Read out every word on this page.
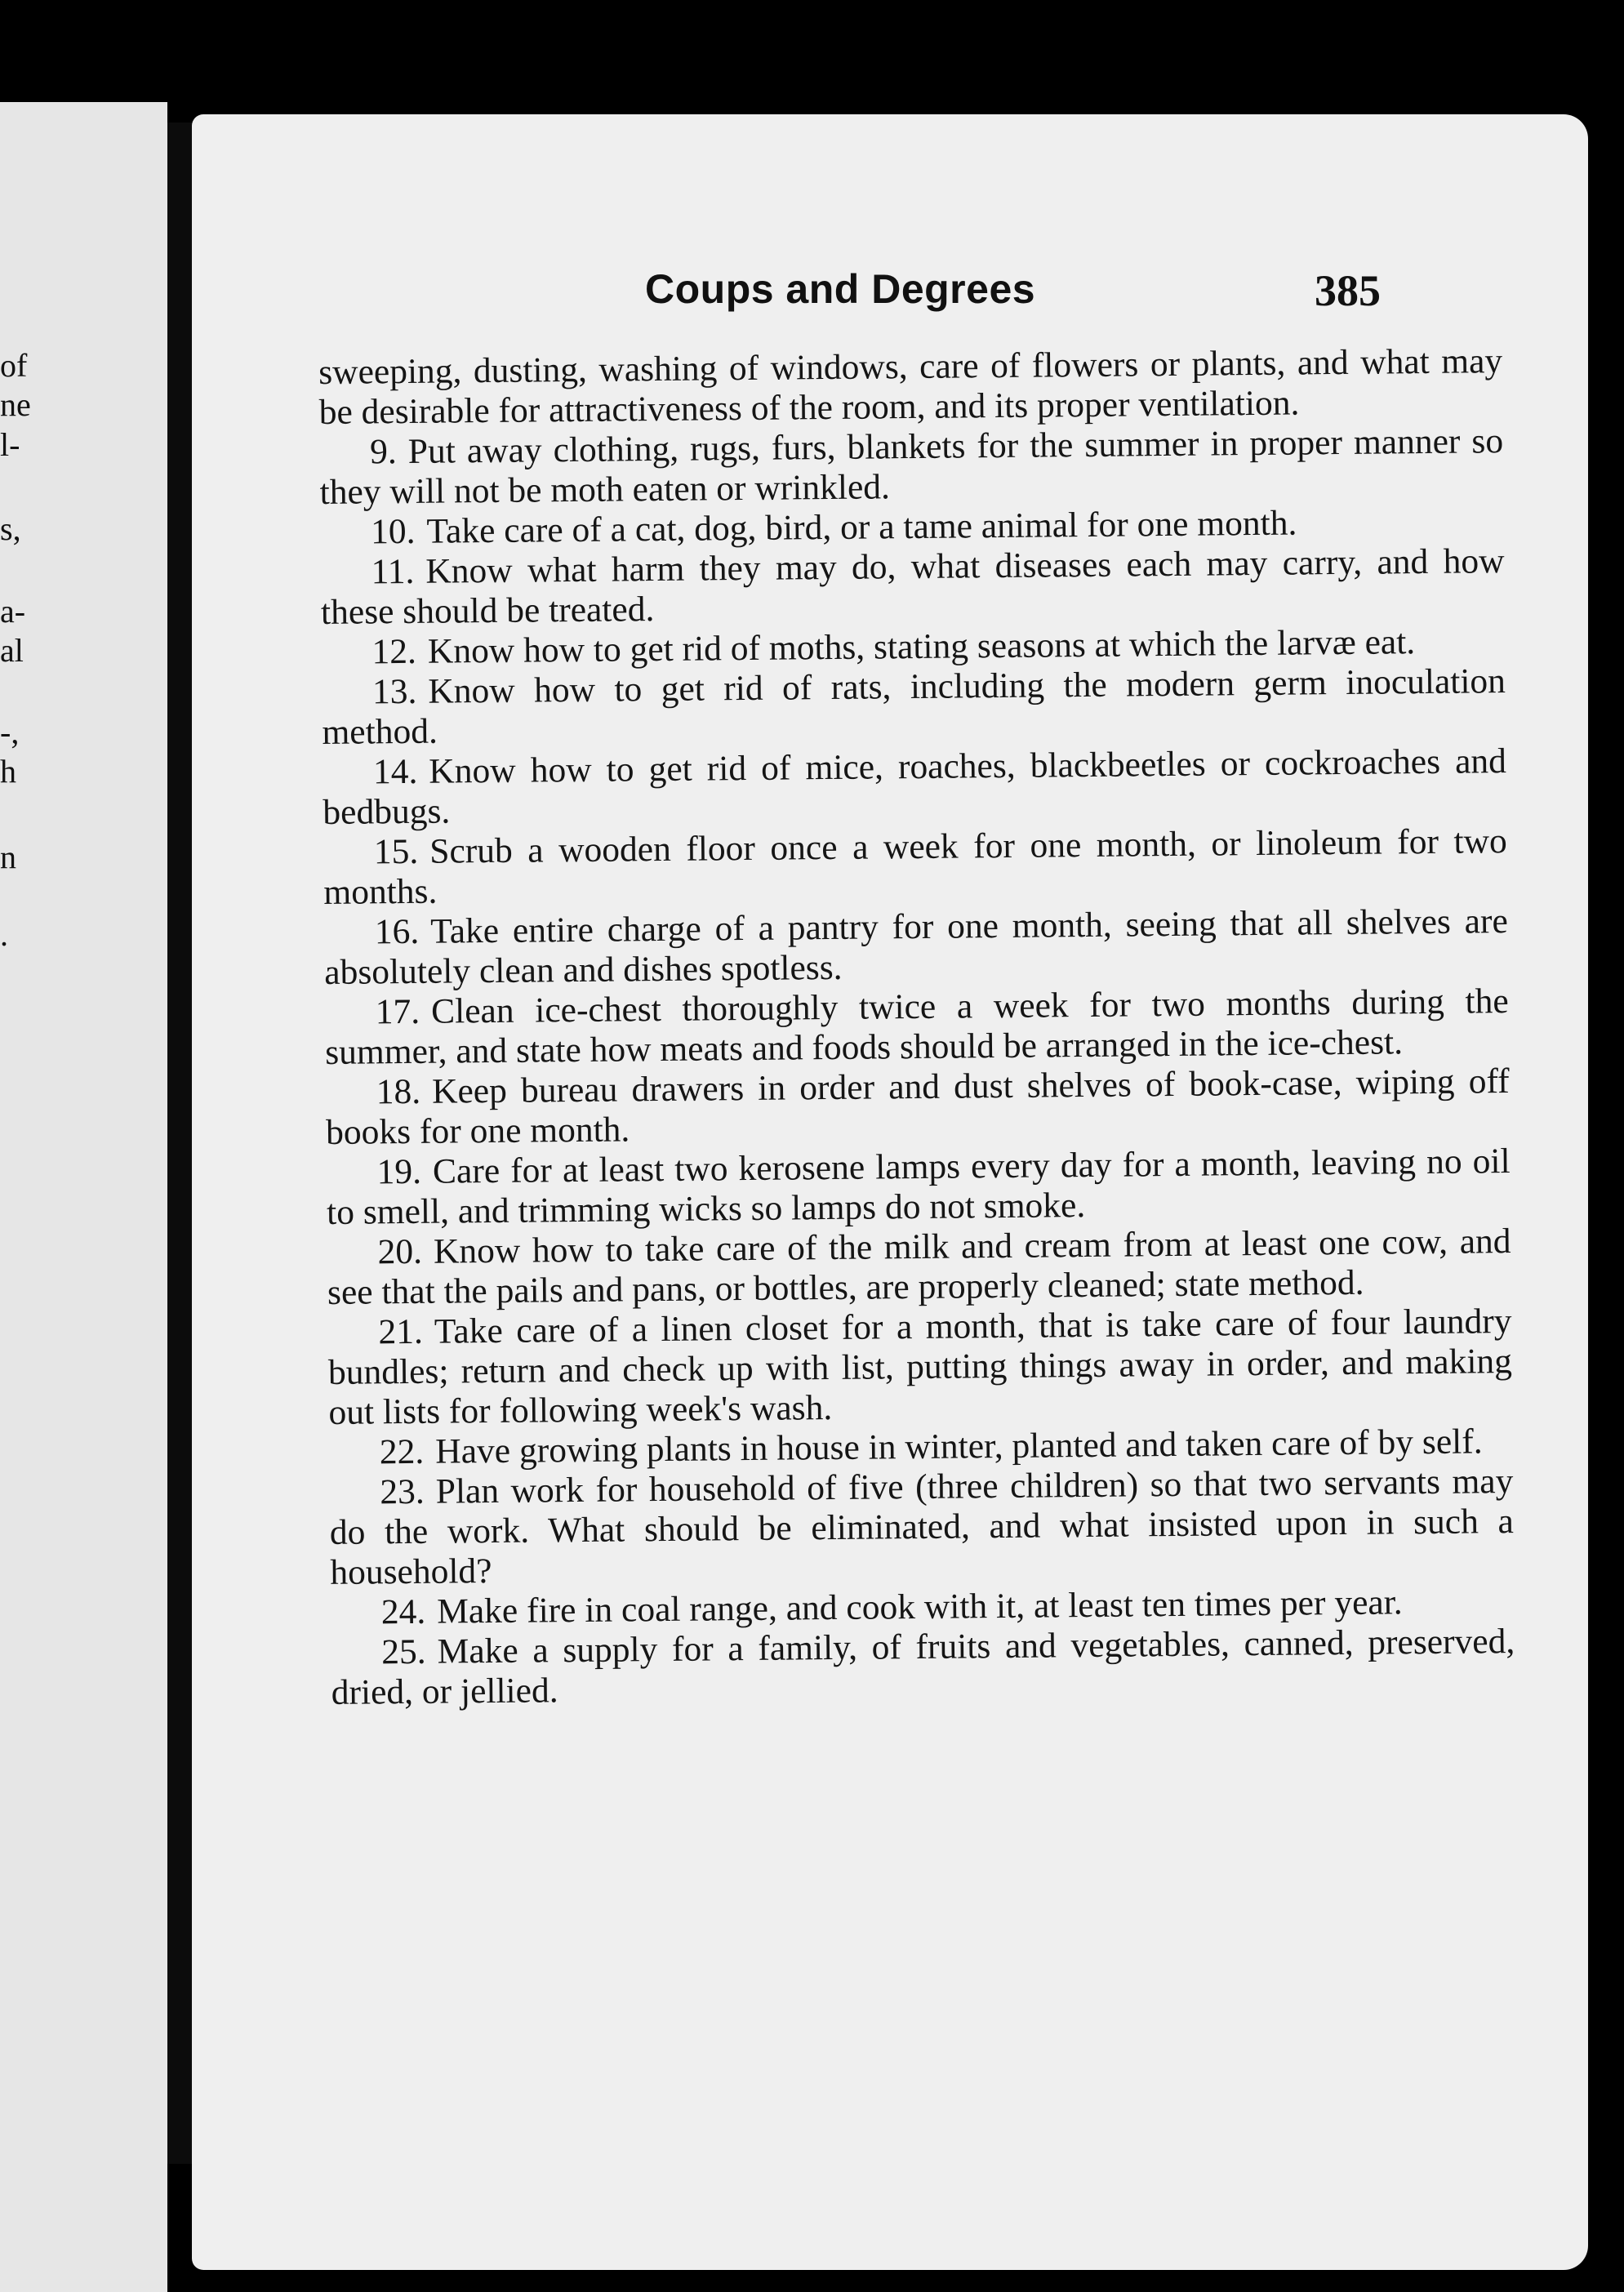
of
ne
l-
s,
a-
al
-,
h
n
.
Coups and Degrees	385

sweeping, dusting, washing of windows, care of flowers or plants, and what may be desirable for attractiveness of the room, and its proper ventilation.

9. Put away clothing, rugs, furs, blankets for the summer in proper manner so they will not be moth eaten or wrinkled.

10. Take care of a cat, dog, bird, or a tame animal for one month.

11. Know what harm they may do, what diseases each may carry, and how these should be treated.

12. Know how to get rid of moths, stating seasons at which the larvæ eat.

13. Know how to get rid of rats, including the modern germ inoculation method.

14. Know how to get rid of mice, roaches, blackbeetles or cockroaches and bedbugs.

15. Scrub a wooden floor once a week for one month, or linoleum for two months.

16. Take entire charge of a pantry for one month, seeing that all shelves are absolutely clean and dishes spotless.

17. Clean ice-chest thoroughly twice a week for two months during the summer, and state how meats and foods should be arranged in the ice-chest.

18. Keep bureau drawers in order and dust shelves of book-case, wiping off books for one month.

19. Care for at least two kerosene lamps every day for a month, leaving no oil to smell, and trimming wicks so lamps do not smoke.

20. Know how to take care of the milk and cream from at least one cow, and see that the pails and pans, or bottles, are properly cleaned; state method.

21. Take care of a linen closet for a month, that is take care of four laundry bundles; return and check up with list, putting things away in order, and making out lists for following week's wash.

22. Have growing plants in house in winter, planted and taken care of by self.

23. Plan work for household of five (three children) so that two servants may do the work. What should be eliminated, and what insisted upon in such a household?

24. Make fire in coal range, and cook with it, at least ten times per year.

25. Make a supply for a family, of fruits and vegetables, canned, preserved, dried, or jellied.
